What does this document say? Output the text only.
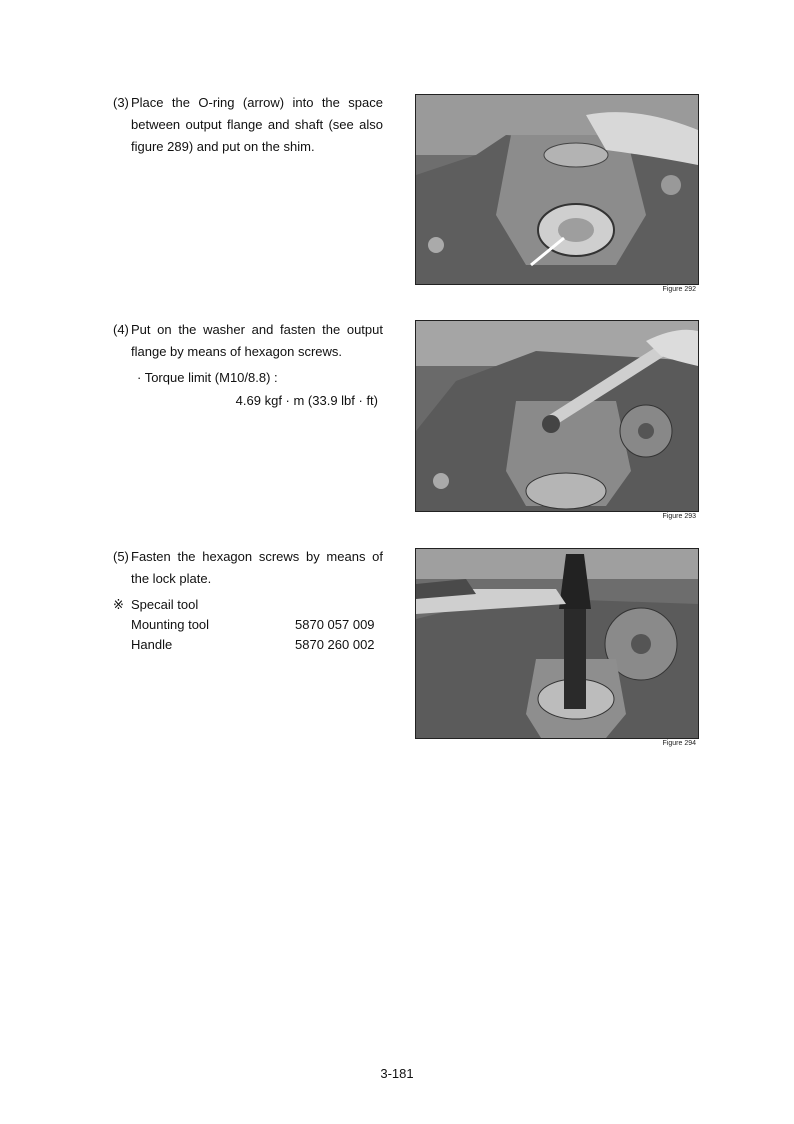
(3) Place the O-ring (arrow) into the space between output flange and shaft (see also figure 289) and put on the shim.
Figure 292
(4) Put on the washer and fasten the output flange by means of hexagon screws.
· Torque limit (M10/8.8) :
4.69 kgf · m (33.9 lbf · ft)
Figure 293
(5) Fasten the hexagon screws by means of the lock plate.
※ Specail tool
Mounting tool	5870 057 009
Handle	5870 260 002
Figure 294
3-181
